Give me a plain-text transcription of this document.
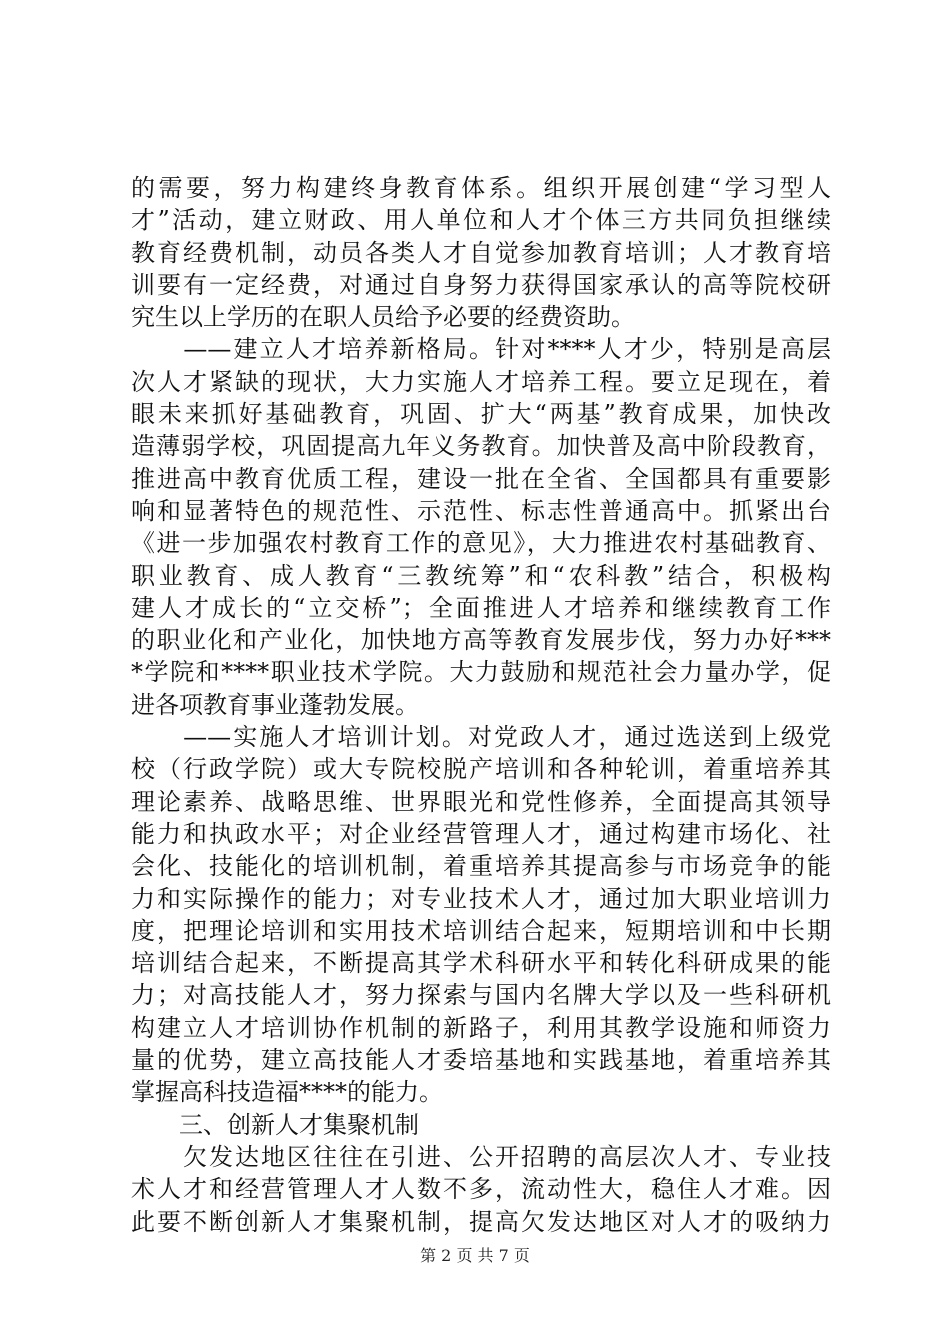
的需要，努力构建终身教育体系。组织开展创建“学习型人
才”活动，建立财政、用人单位和人才个体三方共同负担继续
教育经费机制，动员各类人才自觉参加教育培训；人才教育培
训要有一定经费，对通过自身努力获得国家承认的高等院校研
究生以上学历的在职人员给予必要的经费资助。
　　——建立人才培养新格局。针对****人才少，特别是高层
次人才紧缺的现状，大力实施人才培养工程。要立足现在，着
眼未来抓好基础教育，巩固、扩大“两基”教育成果，加快改
造薄弱学校，巩固提高九年义务教育。加快普及高中阶段教育，
推进高中教育优质工程，建设一批在全省、全国都具有重要影
响和显著特色的规范性、示范性、标志性普通高中。抓紧出台
《进一步加强农村教育工作的意见》，大力推进农村基础教育、
职业教育、成人教育“三教统筹”和“农科教”结合，积极构
建人才成长的“立交桥”；全面推进人才培养和继续教育工作
的职业化和产业化，加快地方高等教育发展步伐，努力办好***
*学院和****职业技术学院。大力鼓励和规范社会力量办学，促
进各项教育事业蓬勃发展。
　　——实施人才培训计划。对党政人才，通过选送到上级党
校（行政学院）或大专院校脱产培训和各种轮训，着重培养其
理论素养、战略思维、世界眼光和党性修养，全面提高其领导
能力和执政水平；对企业经营管理人才，通过构建市场化、社
会化、技能化的培训机制，着重培养其提高参与市场竞争的能
力和实际操作的能力；对专业技术人才，通过加大职业培训力
度，把理论培训和实用技术培训结合起来，短期培训和中长期
培训结合起来，不断提高其学术科研水平和转化科研成果的能
力；对高技能人才，努力探索与国内名牌大学以及一些科研机
构建立人才培训协作机制的新路子，利用其教学设施和师资力
量的优势，建立高技能人才委培基地和实践基地，着重培养其
掌握高科技造福****的能力。
　　三、创新人才集聚机制
　　欠发达地区往往在引进、公开招聘的高层次人才、专业技
术人才和经营管理人才人数不多，流动性大，稳住人才难。因
此要不断创新人才集聚机制，提高欠发达地区对人才的吸纳力
第 2 页 共 7 页
